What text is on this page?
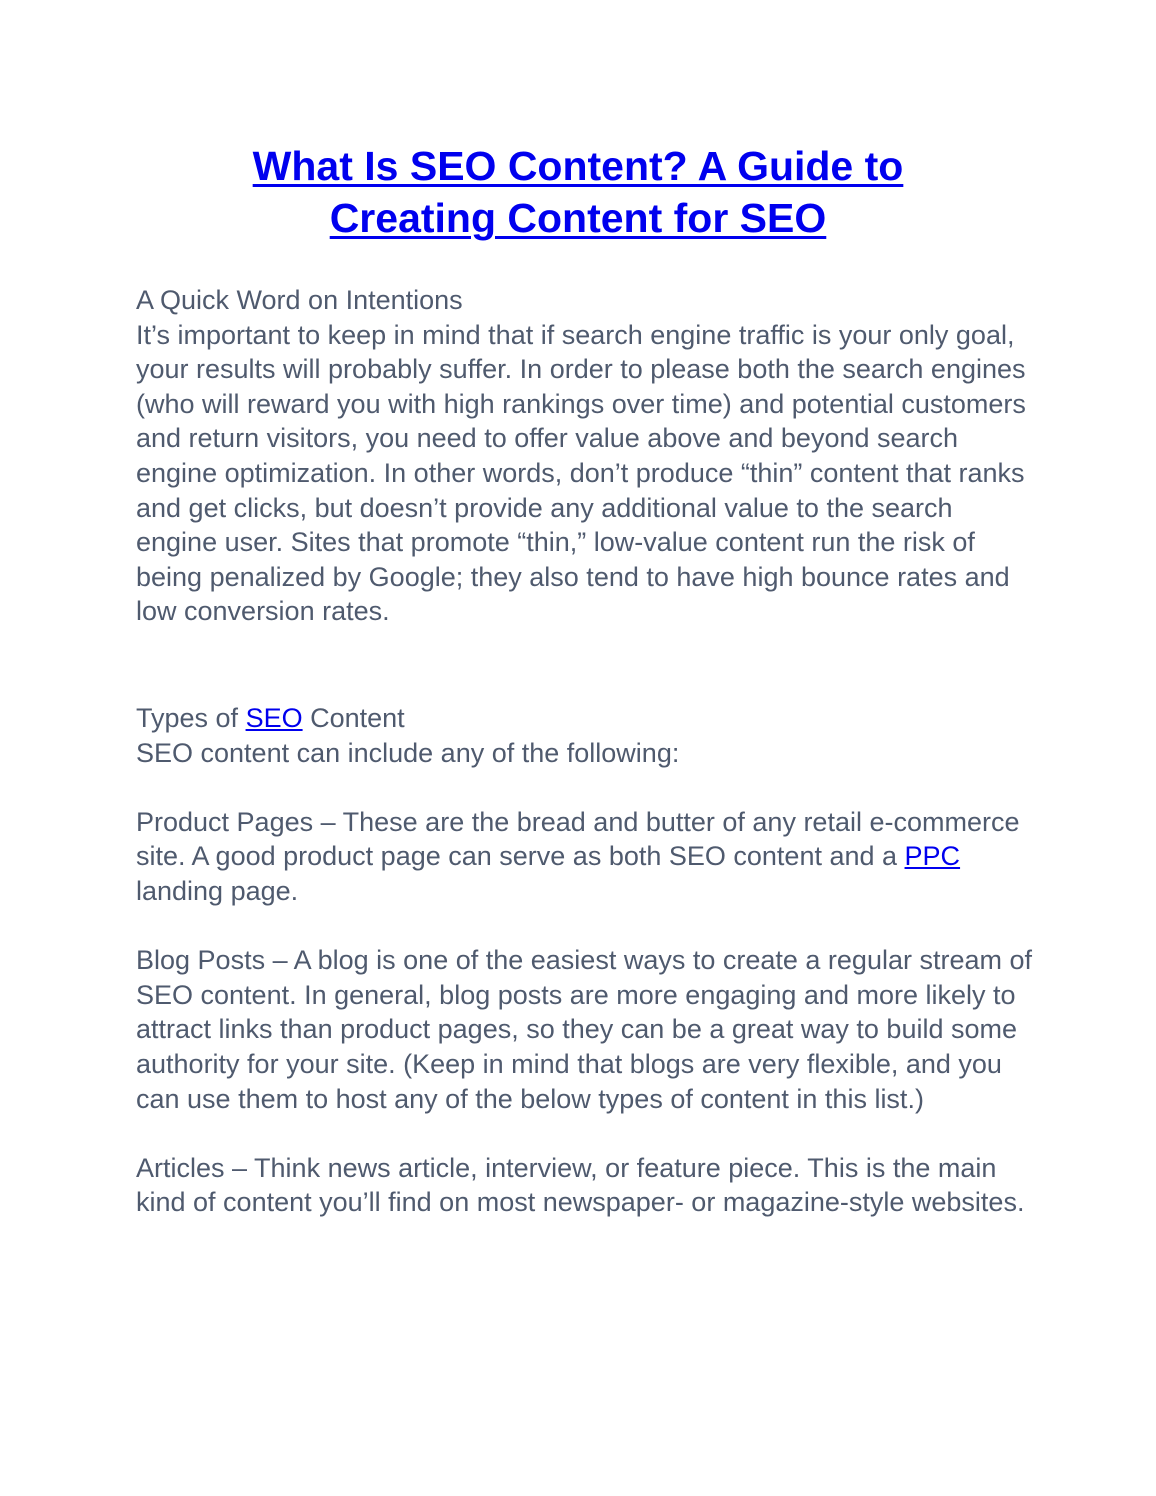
What Is SEO Content? A Guide to
Creating Content for SEO

A Quick Word on Intentions

It’s important to keep in mind that if search engine traffic is your only goal, your results will probably suffer. In order to please both the search engines (who will reward you with high rankings over time) and potential customers and return visitors, you need to offer value above and beyond search engine optimization. In other words, don’t produce “thin” content that ranks and get clicks, but doesn’t provide any additional value to the search engine user. Sites that promote “thin,” low-value content run the risk of being penalized by Google; they also tend to have high bounce rates and low conversion rates.

Types of SEO Content

SEO content can include any of the following:

Product Pages – These are the bread and butter of any retail e-commerce site. A good product page can serve as both SEO content and a PPC landing page.

Blog Posts – A blog is one of the easiest ways to create a regular stream of SEO content. In general, blog posts are more engaging and more likely to attract links than product pages, so they can be a great way to build some authority for your site. (Keep in mind that blogs are very flexible, and you can use them to host any of the below types of content in this list.)

Articles – Think news article, interview, or feature piece. This is the main kind of content you’ll find on most newspaper- or magazine-style websites.
